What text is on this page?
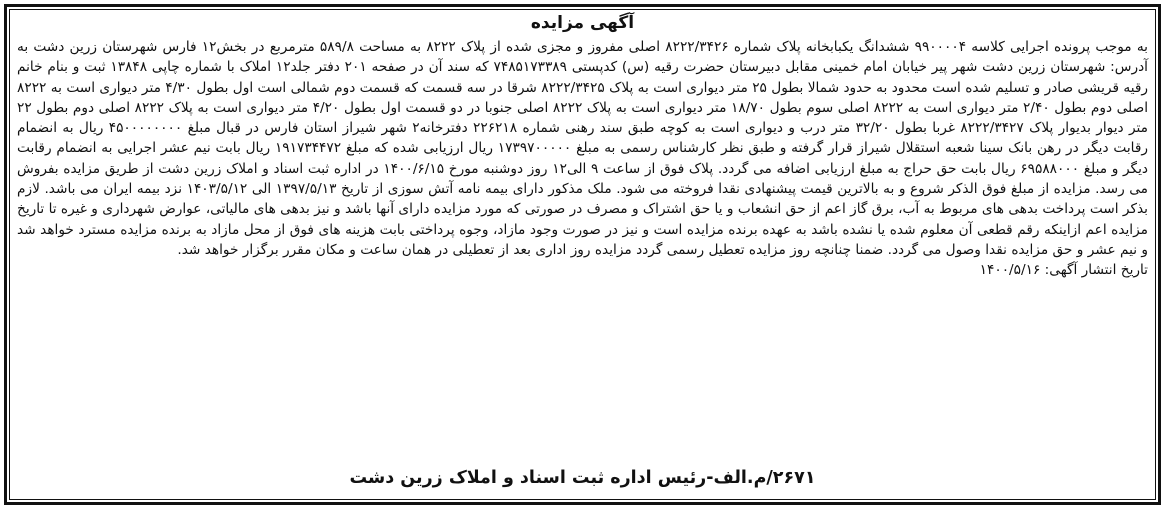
آگهی مزایده

به موجب پرونده اجرایی کلاسه ۹۹۰۰۰۰۴ ششدانگ یکبابخانه پلاک شماره ۸۲۲۲/۳۴۲۶ اصلی مفروز و مجزی شده از پلاک ۸۲۲۲ به مساحت ۵۸۹/۸ مترمربع در بخش۱۲ فارس شهرستان زرین دشت به آدرس: شهرستان زرین دشت شهر پیر خیابان امام خمینی مقابل دبیرستان حضرت رقیه (س) کدپستی ۷۴۸۵۱۷۳۳۸۹ که سند آن در صفحه ۲۰۱ دفتر جلد۱۲ املاک با شماره چاپی ۱۳۸۴۸ ثبت و بنام خانم رقیه قریشی صادر و تسلیم شده است محدود به حدود شمالا بطول ۲۵ متر دیواری است به پلاک ۸۲۲۲/۳۴۲۵ شرقا در سه قسمت که قسمت دوم شمالی است اول بطول ۴/۳۰ متر دیواری است به ۸۲۲۲ اصلی دوم بطول ۲/۴۰ متر دیواری است به ۸۲۲۲ اصلی سوم بطول ۱۸/۷۰ متر دیواری است به پلاک ۸۲۲۲ اصلی جنوبا در دو قسمت اول بطول ۴/۲۰ متر دیواری است به پلاک ۸۲۲۲ اصلی دوم بطول ۲۲ متر دیوار بدیوار پلاک ۸۲۲۲/۳۴۲۷ غربا بطول ۳۲/۲۰ متر درب و دیواری است به کوچه طبق سند رهنی شماره ۲۲۶۲۱۸ دفترخانه۲ شهر شیراز استان فارس در قبال مبلغ ۴۵۰۰۰۰۰۰۰۰ ریال به انضمام رقابت دیگر در رهن بانک سینا شعبه استقلال شیراز قرار گرفته و طبق نظر کارشناس رسمی به مبلغ ۱۷۳۹۷۰۰۰۰۰ ریال ارزیابی شده که مبلغ ۱۹۱۷۳۴۴۷۲ ریال بابت نیم عشر اجرایی به انضمام رقابت دیگر و مبلغ ۶۹۵۸۸۰۰۰ ریال بابت حق حراج به مبلغ ارزیابی اضافه می گردد. پلاک فوق از ساعت ۹ الی۱۲ روز دوشنبه مورخ ۱۴۰۰/۶/۱۵ در اداره ثبت اسناد و املاک زرین دشت از طریق مزایده بفروش می رسد. مزایده از مبلغ فوق الذکر شروع و به بالاترین قیمت پیشنهادی نقدا فروخته می شود. ملک مذکور دارای بیمه نامه آتش سوزی از تاریخ ۱۳۹۷/۵/۱۳ الی ۱۴۰۳/۵/۱۲ نزد بیمه ایران می باشد. لازم بذکر است پرداخت بدهی های مربوط به آب، برق گاز اعم از حق انشعاب و یا حق اشتراک و مصرف در صورتی که مورد مزایده دارای آنها باشد و نیز بدهی های مالیاتی، عوارض شهرداری و غیره تا تاریخ مزایده اعم ازاینکه رقم قطعی آن معلوم شده یا نشده باشد به عهده برنده مزایده است و نیز در صورت وجود مازاد، وجوه پرداختی بابت هزینه های فوق از محل مازاد به برنده مزایده مسترد خواهد شد و نیم عشر و حق مزایده نقدا وصول می گردد. ضمنا چنانچه روز مزایده تعطیل رسمی گردد مزایده روز اداری بعد از تعطیلی در همان ساعت و مکان مقرر برگزار خواهد شد.

تاریخ انتشار آگهی: ۱۴۰۰/۵/۱۶

۲۶۷۱/م.الف-رئیس اداره ثبت اسناد و املاک زرین دشت
